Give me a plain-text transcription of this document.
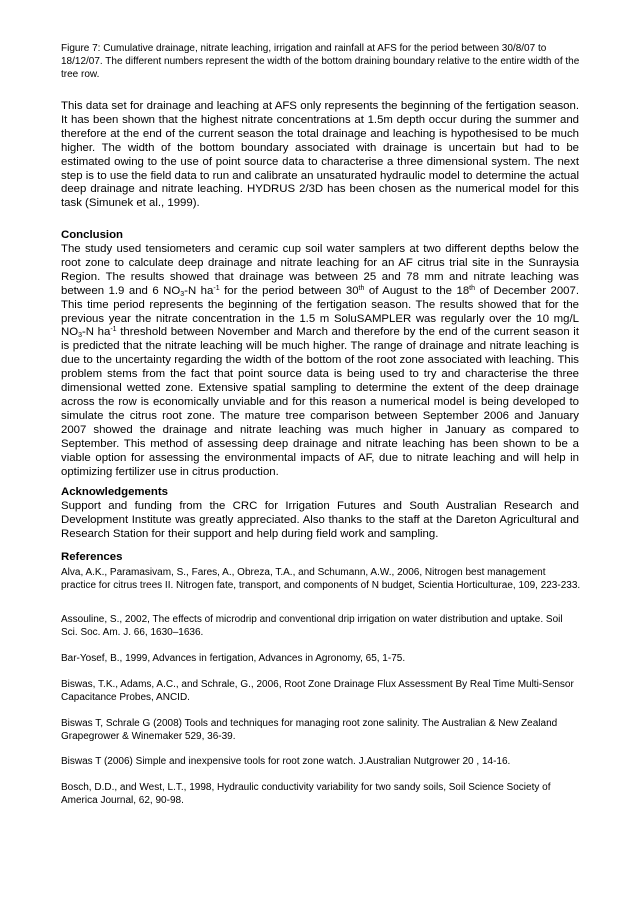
Figure 7: Cumulative drainage, nitrate leaching, irrigation and rainfall at AFS for the period between 30/8/07 to 18/12/07. The different numbers represent the width of the bottom draining boundary relative to the entire width of the tree row.

This data set for drainage and leaching at AFS only represents the beginning of the fertigation season. It has been shown that the highest nitrate concentrations at 1.5m depth occur during the summer and therefore at the end of the current season the total drainage and leaching is hypothesised to be much higher. The width of the bottom boundary associated with drainage is uncertain but had to be estimated owing to the use of point source data to characterise a three dimensional system. The next step is to use the field data to run and calibrate an unsaturated hydraulic model to determine the actual deep drainage and nitrate leaching. HYDRUS 2/3D has been chosen as the numerical model for this task (Simunek et al., 1999).

Conclusion

The study used tensiometers and ceramic cup soil water samplers at two different depths below the root zone to calculate deep drainage and nitrate leaching for an AF citrus trial site in the Sunraysia Region. The results showed that drainage was between 25 and 78 mm and nitrate leaching was between 1.9 and 6 $NO_3-N$ $ha^{-1}$ for the period between 30th of August to the 18th of December 2007. This time period represents the beginning of the fertigation season. The results showed that for the previous year the nitrate concentration in the 1.5 m SoluSAMPLER was regularly over the 10 mg/L $NO_3-N$ $ha^{-1}$ threshold between November and March and therefore by the end of the current season it is predicted that the nitrate leaching will be much higher. The range of drainage and nitrate leaching is due to the uncertainty regarding the width of the bottom of the root zone associated with leaching. This problem stems from the fact that point source data is being used to try and characterise the three dimensional wetted zone. Extensive spatial sampling to determine the extent of the deep drainage across the row is economically unviable and for this reason a numerical model is being developed to simulate the citrus root zone. The mature tree comparison between September 2006 and January 2007 showed the drainage and nitrate leaching was much higher in January as compared to September. This method of assessing deep drainage and nitrate leaching has been shown to be a viable option for assessing the environmental impacts of AF, due to nitrate leaching and will help in optimizing fertilizer use in citrus production.

Acknowledgements

Support and funding from the CRC for Irrigation Futures and South Australian Research and Development Institute was greatly appreciated. Also thanks to the staff at the Dareton Agricultural and Research Station for their support and help during field work and sampling.

References

Alva, A.K., Paramasivam, S., Fares, A., Obreza, T.A., and Schumann, A.W., 2006, Nitrogen best management practice for citrus trees II. Nitrogen fate, transport, and components of N budget, Scientia Horticulturae, 109, 223-233.

Assouline, S., 2002, The effects of microdrip and conventional drip irrigation on water distribution and uptake. Soil Sci. Soc. Am. J. 66, 1630–1636.

Bar-Yosef, B., 1999, Advances in fertigation, Advances in Agronomy, 65, 1-75.

Biswas, T.K., Adams, A.C., and Schrale, G., 2006, Root Zone Drainage Flux Assessment By Real Time Multi-Sensor Capacitance Probes, ANCID.

Biswas T, Schrale G (2008) Tools and techniques for managing root zone salinity. The Australian & New Zealand Grapegrower & Winemaker 529, 36-39.

Biswas T (2006) Simple and inexpensive tools for root zone watch. J.Australian Nutgrower 20 , 14-16.

Bosch, D.D., and West, L.T., 1998, Hydraulic conductivity variability for two sandy soils, Soil Science Society of America Journal, 62, 90-98.
